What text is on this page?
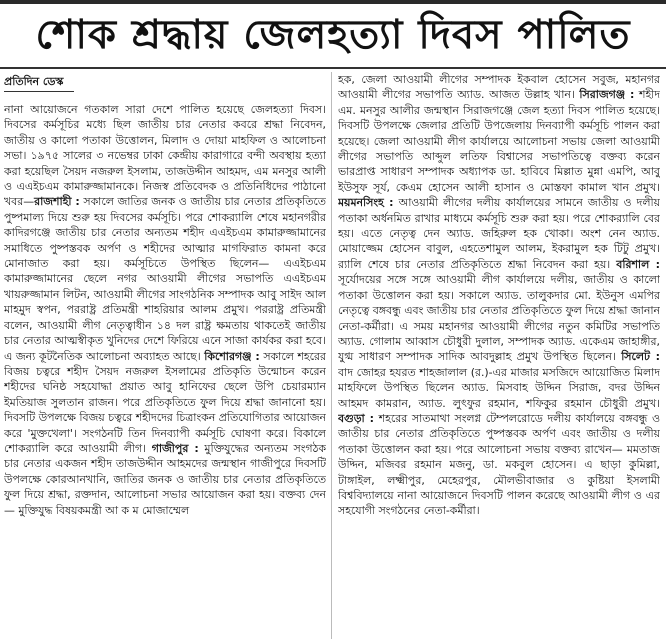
শোক শ্রদ্ধায় জেলহত্যা দিবস পালিত
প্রতিদিন ডেস্ক

নানা আয়োজনে গতকাল সারা দেশে পালিত হয়েছে জেলহত্যা দিবস। দিবসের কর্মসূচির মধ্যে ছিল জাতীয় চার নেতার কবরে শ্রদ্ধা নিবেদন, জাতীয় ও কালো পতাকা উত্তোলন, মিলাদ ও দোয়া মাহফিল ও আলোচনা সভা। ১৯৭৫ সালের ৩ নভেম্বর ঢাকা কেন্দ্রীয় কারাগারে বন্দী অবস্থায় হত্যা করা হয়েছিল সৈয়দ নজরুল ইসলাম, তাজউদ্দীন আহমদ, এম মনসুর আলী ও এএইচএম কামারুজ্জামানকে। নিজস্ব প্রতিবেদক ও প্রতিনিধিদের পাঠানো খবর—রাজশাহী : সকালে জাতির জনক ও জাতীয় চার নেতার প্রতিকৃতিতে পুষ্পমাল্য দিয়ে শুরু হয় দিবসের কর্মসূচি। পরে শোকর‍্যালি শেষে মহানগরীর কাদিরগঞ্জে জাতীয় চার নেতার অন্যতম শহীদ এএইচএম কামারুজ্জামানের সমাধিতে পুষ্পস্তবক অর্পণ ও শহীদের আত্মার মাগফিরাত কামনা করে মোনাজাত করা হয়। কর্মসূচিতে উপস্থিত ছিলেন— এএইচএম কামারুজ্জামানের ছেলে নগর আওয়ামী লীগের সভাপতি এএইচএম খায়রুজ্জামান লিটন, আওয়ামী লীগের সাংগঠনিক সম্পাদক আবু সাইদ আল মাহমুদ স্বপন, পররাষ্ট্র প্রতিমন্ত্রী শাহরিয়ার আলম প্রমুখ। পররাষ্ট্র প্রতিমন্ত্রী বলেন, আওয়ামী লীগ নেতৃত্বাধীন ১৪ দল রাষ্ট্র ক্ষমতায় থাকতেই জাতীয় চার নেতার আত্মস্বীকৃত খুনিদের দেশে ফিরিয়ে এনে সাজা কার্যকর করা হবে। এ জন্য কূটনৈতিক আলোচনা অব্যাহত আছে। কিশোরগঞ্জ : সকালে শহরের বিজয় চত্বরে শহীদ সৈয়দ নজরুল ইসলামের প্রতিকৃতি উন্মোচন করেন শহীদের ঘনিষ্ঠ সহযোদ্ধা প্রয়াত আবু হানিফের ছেলে উপি চেয়ারম্যান ইমতিয়াজ সুলতান রাজন। পরে প্রতিকৃতিতে ফুল দিয়ে শ্রদ্ধা জানানো হয়। দিবসটি উপলক্ষে বিজয় চত্বরে শহীদদের চিত্রাংকন প্রতিযোগিতার আয়োজন করে 'মুক্তখেলা'। সংগঠনটি তিন দিনব্যাপী কর্মসূচি ঘোষণা করে। বিকালে শোকর‍্যালি করে আওয়ামী লীগ। গাজীপুর : মুক্তিযুদ্ধের অন্যতম সংগঠক চার নেতার একজন শহীদ তাজউদ্দীন আহমদের জন্মস্থান গাজীপুরে দিবসটি উপলক্ষে কোরআনখানি, জাতির জনক ও জাতীয় চার নেতার প্রতিকৃতিতে ফুল দিয়ে শ্রদ্ধা, রক্তদান, আলোচনা সভার আয়োজন করা হয়। বক্তব্য দেন— মুক্তিযুদ্ধ বিষয়কমন্ত্রী আ ক ম মোজাম্মেল

হক, জেলা আওয়ামী লীগের সম্পাদক ইকবাল হোসেন সবুজ, মহানগর আওয়ামী লীগের সভাপতি অ্যাড. আজত উল্লাহ খান। সিরাজগঞ্জ : শহীদ এম. মনসুর আলীর জন্মস্থান সিরাজগঞ্জে জেল হত্যা দিবস পালিত হয়েছে। দিবসটি উপলক্ষে জেলার প্রতিটি উপজেলায় দিনব্যাপী কর্মসূচি পালন করা হয়েছে। জেলা আওয়ামী লীগ কার্যালয়ে আলোচনা সভায় জেলা আওয়ামী লীগের সভাপতি আব্দুল লতিফ বিশ্বাসের সভাপতিত্বে বক্তব্য করেন ভারপ্রাপ্ত সাধারণ সম্পাদক অধ্যাপক ডা. হাবিবে মিল্লাত মুন্না এমপি, আবু ইউসুফ সূর্য, কেএম হোসেন আলী হাসান ও মোস্তফা কামাল খান প্রমুখ। ময়মনসিংহ : আওয়ামী লীগের দলীয় কার্যালয়ের সামনে জাতীয় ও দলীয় পতাকা অর্ধনমিত রাখার মাধ্যমে কর্মসূচি শুরু করা হয়। পরে শোকর‍্যালি বের হয়। এতে নেতৃত্ব দেন অ্যাড. জহিরুল হক খোকা। অংশ নেন অ্যাড. মোয়াজ্জেম হোসেন বাবুল, এহতেশামুল আলম, ইকরামুল হক টিটু প্রমুখ। র‍্যালি শেষে চার নেতার প্রতিকৃতিতে শ্রদ্ধা নিবেদন করা হয়। বরিশাল : সূর্যোদয়ের সঙ্গে সঙ্গে আওয়ামী লীগ কার্যালয়ে দলীয়, জাতীয় ও কালো পতাকা উত্তোলন করা হয়। সকালে অ্যাড. তালুকদার মো. ইউনুস এমপির নেতৃত্বে বঙ্গবন্ধু এবং জাতীয় চার নেতার প্রতিকৃতিতে ফুল দিয়ে শ্রদ্ধা জানান নেতা-কর্মীরা। এ সময় মহানগর আওয়ামী লীগের নতুন কমিটির সভাপতি অ্যাড. গোলাম আব্বাস চৌধুরী দুলাল, সম্পাদক অ্যাড. একেএম জাহাঙ্গীর, যুগ্ম সাধারণ সম্পাদক সাদিক আবদুল্লাহ প্রমুখ উপস্থিত ছিলেন। সিলেট : বাদ জোহর হযরত শাহজালাল (র.)-এর মাজার মসজিদে আয়োজিত মিলাদ মাহফিলে উপস্থিত ছিলেন অ্যাড. মিসবাহ উদ্দিন সিরাজ, বদর উদ্দিন আহমদ কামরান, অ্যাড. লুৎফুর রহমান, শফিকুর রহমান চৌধুরী প্রমুখ। বগুড়া : শহরের সাতমাথা সংলগ্ন টেম্পলরোডে দলীয় কার্যালয়ে বঙ্গবন্ধু ও জাতীয় চার নেতার প্রতিকৃতিতে পুষ্পস্তবক অর্পণ এবং জাতীয় ও দলীয় পতাকা উত্তোলন করা হয়। পরে আলোচনা সভায় বক্তব্য রাখেন— মমতাজ উদ্দিন, মজিবর রহমান মজনু, ডা. মকবুল হোসেন। এ ছাড়া কুমিল্লা, টাঙ্গাইল, লক্ষ্মীপুর, মেহেরপুর, মৌলভীবাজার ও কুষ্টিয়া ইসলামী বিশ্ববিদ্যালয়ে নানা আয়োজনে দিবসটি পালন করেছে আওয়ামী লীগ ও এর সহযোগী সংগঠনের নেতা-কর্মীরা।
